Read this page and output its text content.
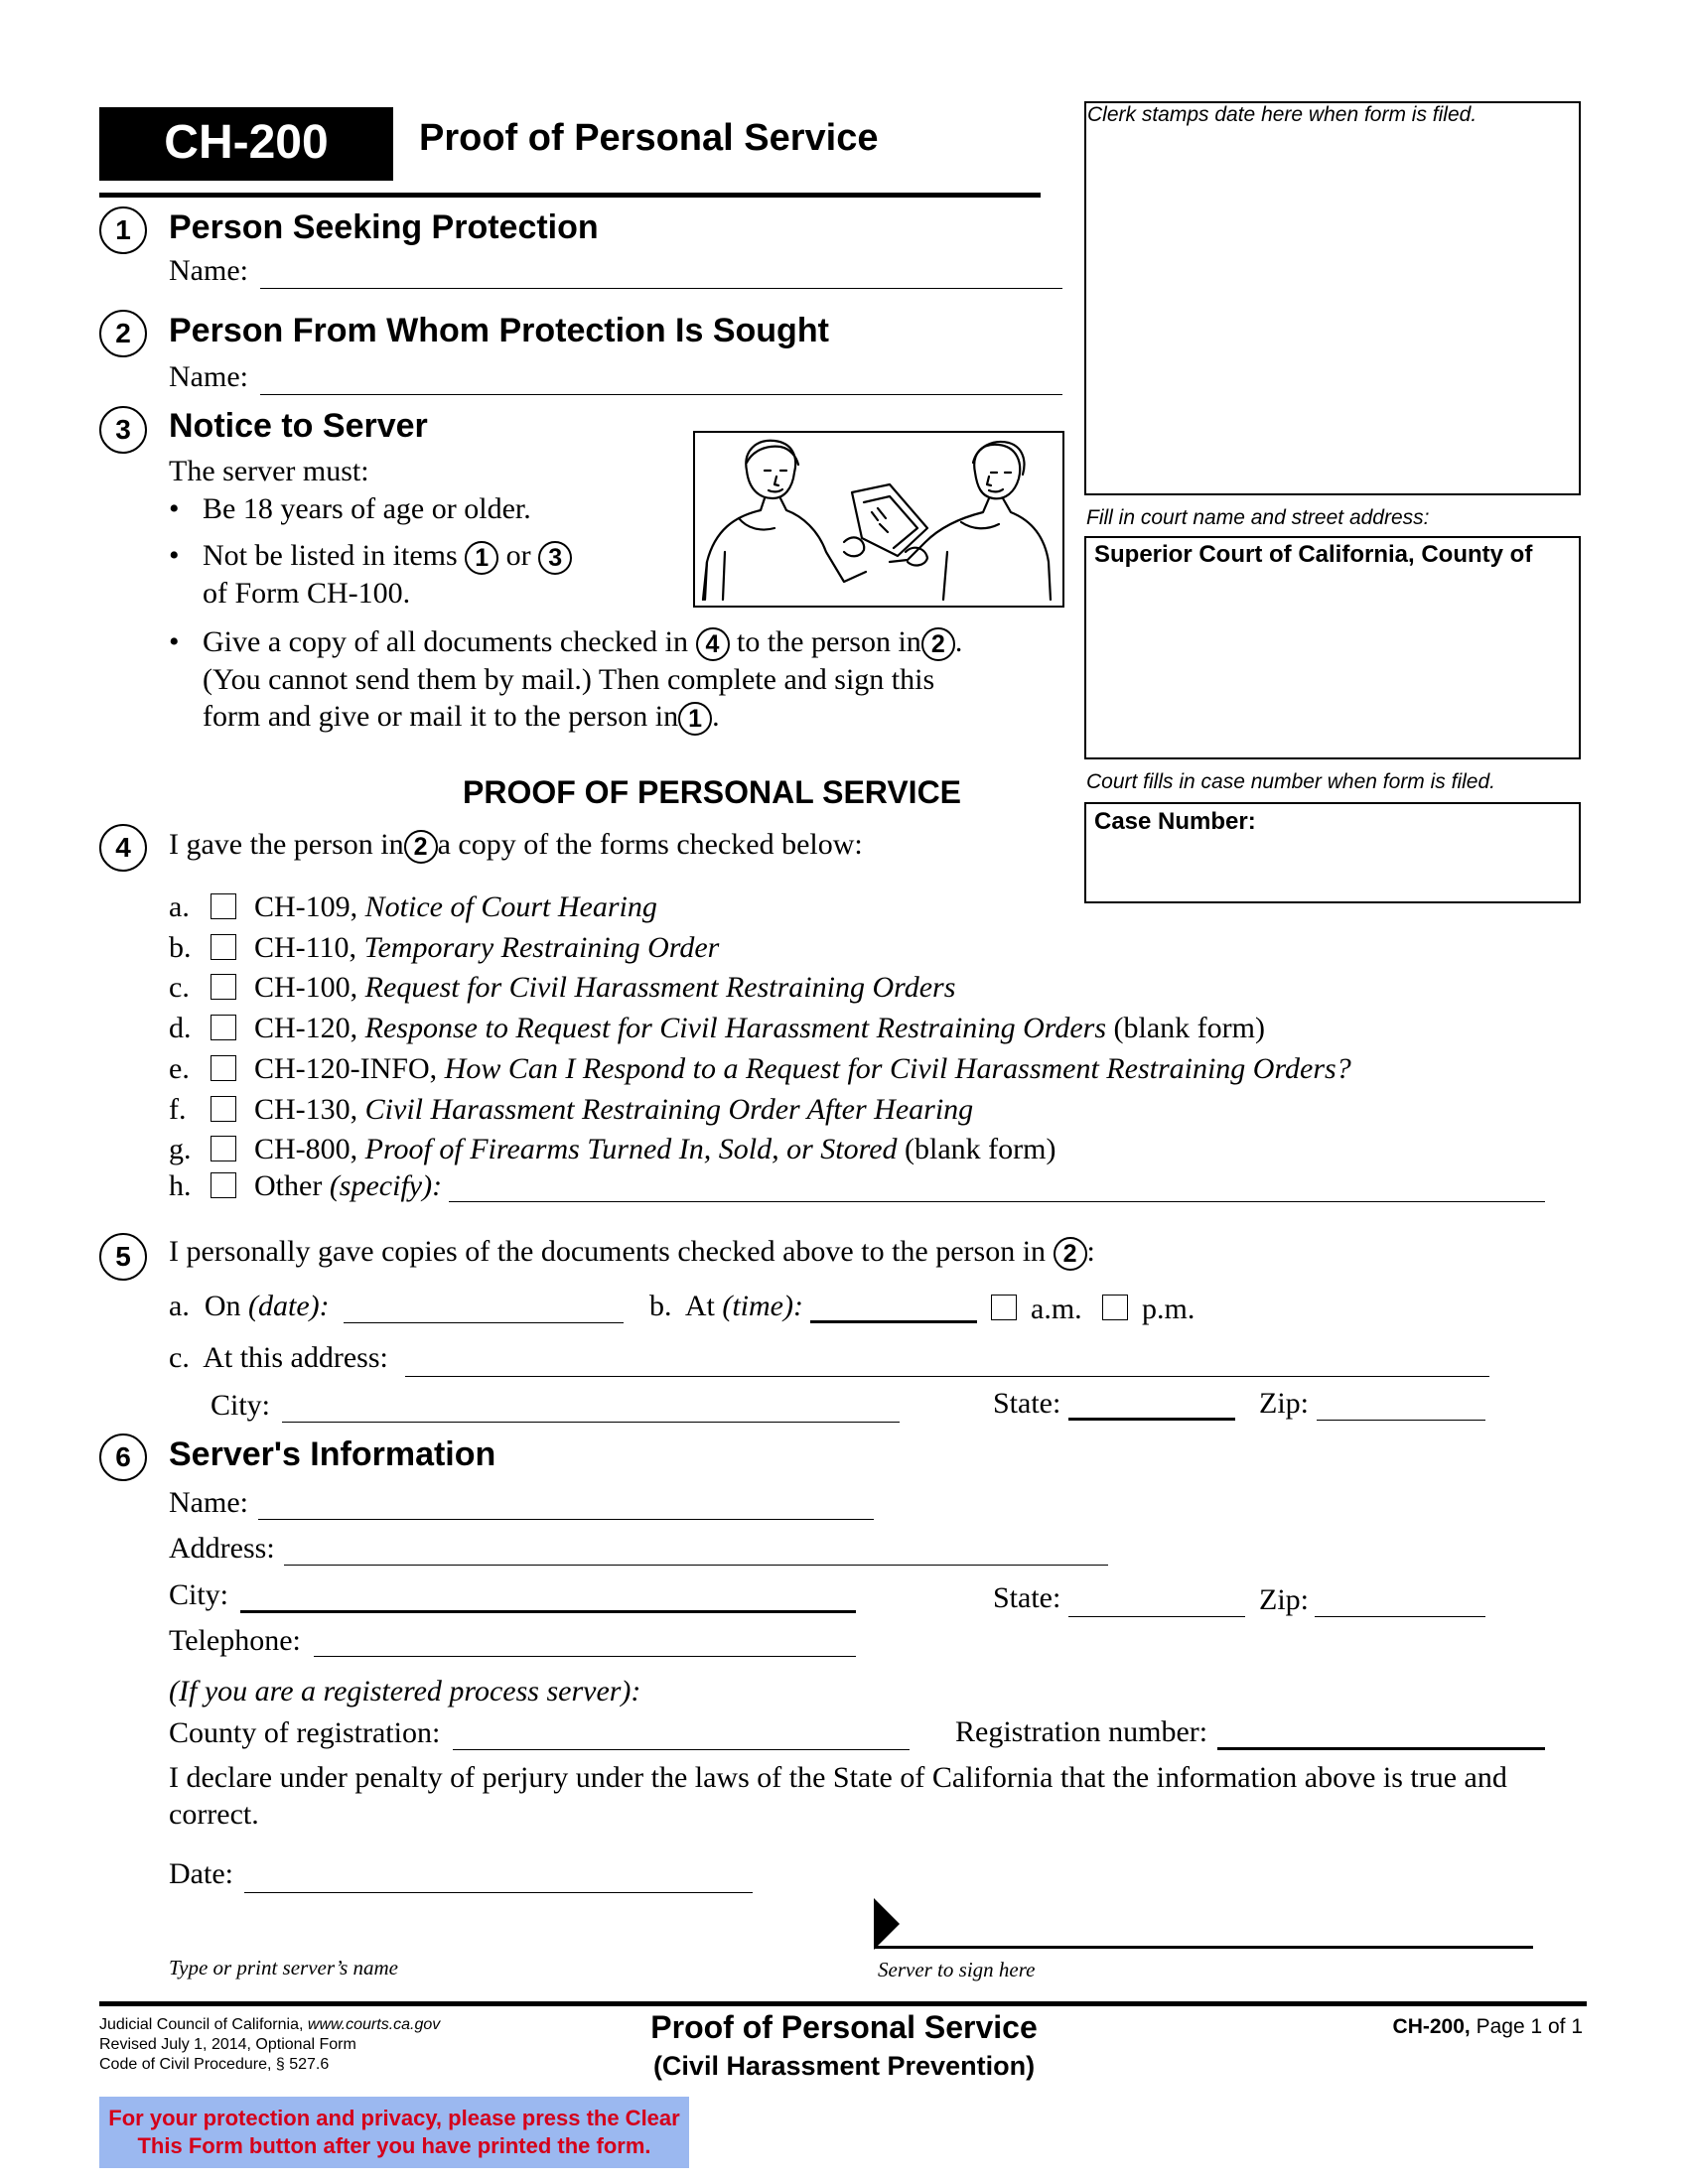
CH-200	Proof of Personal Service
Clerk stamps date here when form is filed.
Fill in court name and street address:
Superior Court of California, County of
Court fills in case number when form is filed.
Case Number:
1	Person Seeking Protection
Name:
2	Person From Whom Protection Is Sought
Name:
3	Notice to Server
The server must:
• Be 18 years of age or older.
• Not be listed in items 1 or 3
of Form CH-100.
• Give a copy of all documents checked in 4 to the person in 2 .
(You cannot send them by mail.) Then complete and sign this
form and give or mail it to the person in 1 .
PROOF OF PERSONAL SERVICE
4	I gave the person in 2 a copy of the forms checked below:
a. CH-109, Notice of Court Hearing
b. CH-110, Temporary Restraining Order
c. CH-100, Request for Civil Harassment Restraining Orders
d. CH-120, Response to Request for Civil Harassment Restraining Orders (blank form)
e. CH-120-INFO, How Can I Respond to a Request for Civil Harassment Restraining Orders?
f. CH-130, Civil Harassment Restraining Order After Hearing
g. CH-800, Proof of Firearms Turned In, Sold, or Stored (blank form)
h. Other (specify):
5	I personally gave copies of the documents checked above to the person in 2 :
a. On (date):	b. At (time):	a.m. p.m.
c. At this address:
City:	State:	Zip:
6	Server's Information
Name:
Address:
City:	State:	Zip:
Telephone:
(If you are a registered process server):
County of registration:	Registration number:
I declare under penalty of perjury under the laws of the State of California that the information above is true and
correct.
Date:
Type or print server’s name	Server to sign here
Judicial Council of California, www.courts.ca.gov
Revised July 1, 2014, Optional Form
Code of Civil Procedure, § 527.6
Proof of Personal Service
(Civil Harassment Prevention)
CH-200, Page 1 of 1
For your protection and privacy, please press the Clear
This Form button after you have printed the form.
